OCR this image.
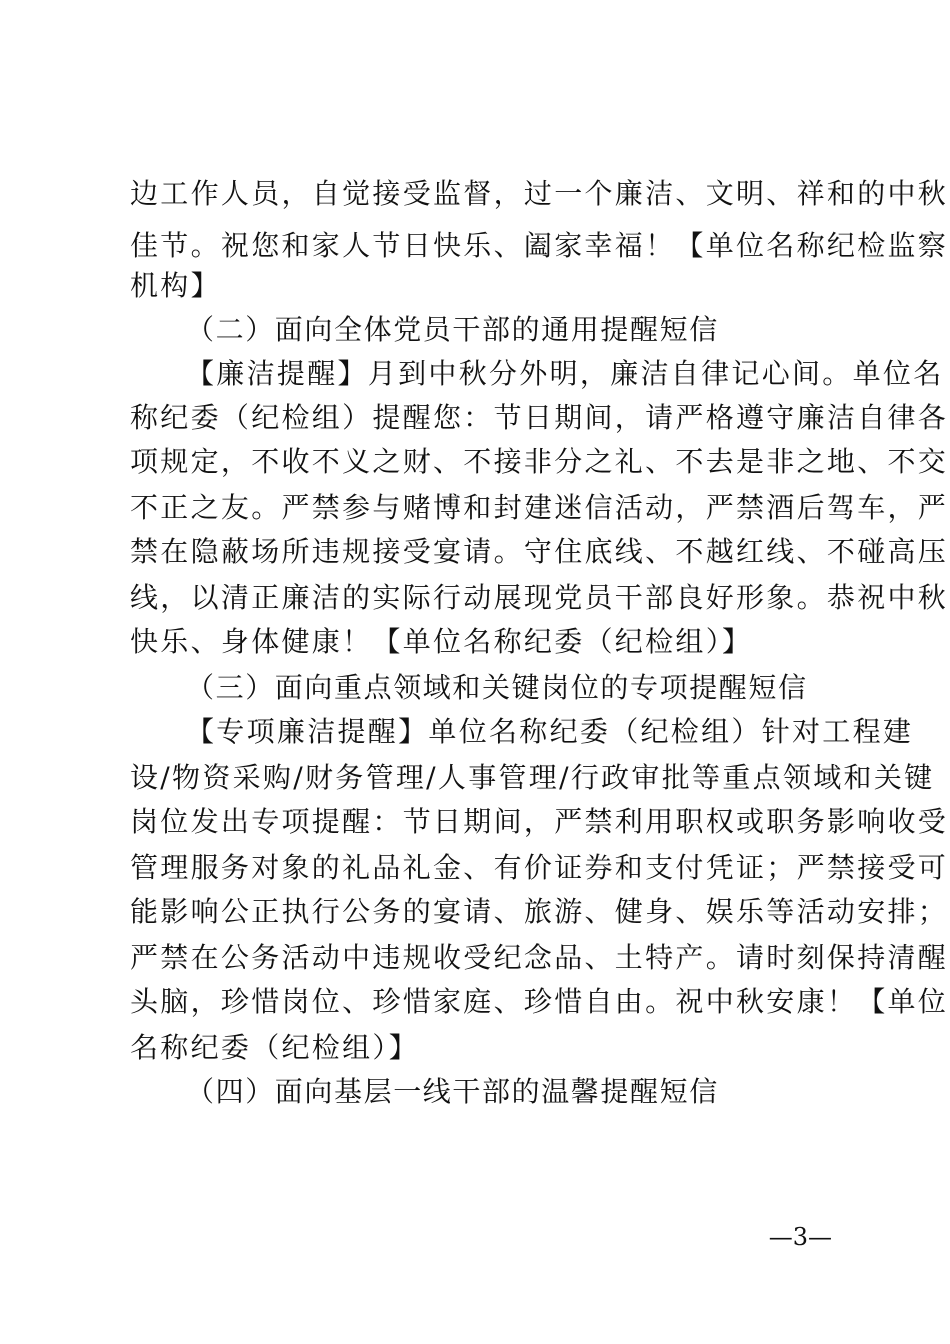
边工作人员，自觉接受监督，过一个廉洁、文明、祥和的中秋
佳节。祝您和家人节日快乐、阖家幸福！【单位名称纪检监察
机构】
（二）面向全体党员干部的通用提醒短信
【廉洁提醒】月到中秋分外明，廉洁自律记心间。单位名
称纪委（纪检组）提醒您：节日期间，请严格遵守廉洁自律各
项规定，不收不义之财、不接非分之礼、不去是非之地、不交
不正之友。严禁参与赌博和封建迷信活动，严禁酒后驾车，严
禁在隐蔽场所违规接受宴请。守住底线、不越红线、不碰高压
线，以清正廉洁的实际行动展现党员干部良好形象。恭祝中秋
快乐、身体健康！【单位名称纪委（纪检组）】
（三）面向重点领域和关键岗位的专项提醒短信
【专项廉洁提醒】单位名称纪委（纪检组）针对工程建
设/物资采购/财务管理/人事管理/行政审批等重点领域和关键
岗位发出专项提醒：节日期间，严禁利用职权或职务影响收受
管理服务对象的礼品礼金、有价证券和支付凭证；严禁接受可
能影响公正执行公务的宴请、旅游、健身、娱乐等活动安排；
严禁在公务活动中违规收受纪念品、土特产。请时刻保持清醒
头脑，珍惜岗位、珍惜家庭、珍惜自由。祝中秋安康！【单位
名称纪委（纪检组）】
（四）面向基层一线干部的温馨提醒短信
—3—
